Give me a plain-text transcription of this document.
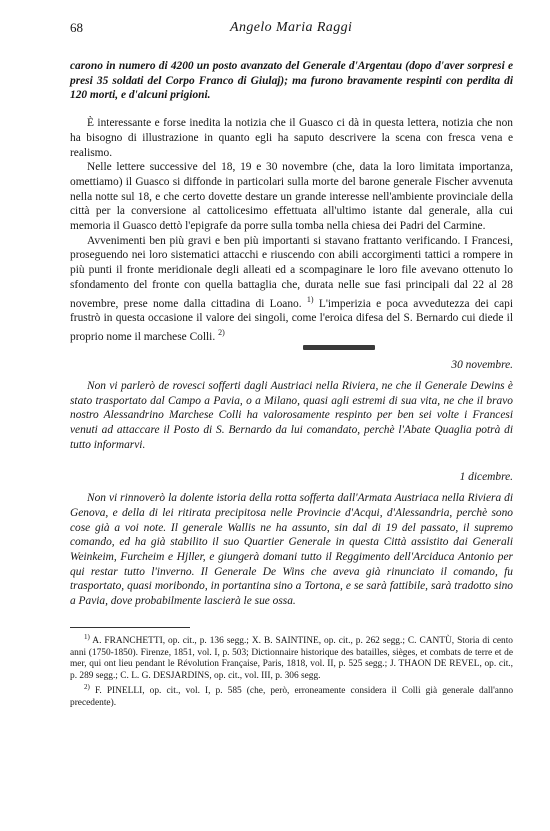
68	Angelo Maria Raggi

carono in numero di 4200 un posto avanzato del Generale d'Argentau (dopo d'aver sorpresi e presi 35 soldati del Corpo Franco di Giulaj); ma furono bravamente respinti con perdita di 120 morti, e d'alcuni prigioni.

È interessante e forse inedita la notizia che il Guasco ci dà in questa lettera, notizia che non ha bisogno di illustrazione in quanto egli ha saputo descrivere la scena con fresca vena e realismo.

Nelle lettere successive del 18, 19 e 30 novembre (che, data la loro limitata importanza, omettiamo) il Guasco si diffonde in particolari sulla morte del barone generale Fischer avvenuta nella notte sul 18, e che certo dovette destare un grande interesse nell'ambiente provinciale della città per la conversione al cattolicesimo effettuata all'ultimo istante dal generale, alla cui memoria il Guasco dettò l'epigrafe da porre sulla tomba nella chiesa dei Padri del Carmine.

Avvenimenti ben più gravi e ben più importanti si stavano frattanto verificando. I Francesi, proseguendo nei loro sistematici attacchi e riuscendo con abili accorgimenti tattici a rompere in più punti il fronte meridionale degli alleati ed a scompaginare le loro file avevano ottenuto lo sfondamento del fronte con quella battaglia che, durata nelle sue fasi principali dal 22 al 28 novembre, prese nome dalla cittadina di Loano. $^{1)}$ L'imperizia e poca avvedutezza dei capi frustrò in questa occasione il valore dei singoli, come l'eroica difesa del S. Bernardo cui diede il proprio nome il marchese Colli. $^{2)}$

30 novembre.

Non vi parlerò de rovesci sofferti dagli Austriaci nella Riviera, ne che il Generale Dewins è stato trasportato dal Campo a Pavia, o a Milano, quasi agli estremi di sua vita, ne che il bravo nostro Alessandrino Marchese Colli ha valorosamente respinto per ben sei volte i Francesi venuti ad attaccare il Posto di S. Bernardo da lui comandato, perchè l'Abate Quaglia potrà di tutto informarvi.

1 dicembre.

Non vi rinnoverò la dolente istoria della rotta sofferta dall'Armata Austriaca nella Riviera di Genova, e della di lei ritirata precipitosa nelle Provincie d'Acqui, d'Alessandria, perchè sono cose già a voi note. Il generale Wallis ne ha assunto, sin dal di 19 del passato, il supremo comando, ed ha già stabilito il suo Quartier Generale in questa Città assistito dai Generali Weinkeim, Furcheim e Hjller, e giungerà domani tutto il Reggimento dell'Arciduca Antonio per qui restar tutto l'inverno. Il Generale De Wins che aveva già rinunciato il comando, fu trasportato, quasi moribondo, in portantina sino a Tortona, e se sarà fattibile, sarà tradotto sino a Pavia, dove probabilmente lascierà le sue ossa.

$^{1)}$ A. FRANCHETTI, op. cit., p. 136 segg.; X. B. SAINTINE, op. cit., p. 262 segg.; C. CANTÙ, Storia di cento anni (1750-1850). Firenze, 1851, vol. I, p. 503; Dictionnaire historique des batailles, sièges, et combats de terre et de mer, qui ont lieu pendant le Révolution Française, Paris, 1818, vol. II, p. 525 segg.; J. THAON DE REVEL, op. cit., p. 289 segg.; C. L. G. DESJARDINS, op. cit., vol. III, p. 306 segg.

$^{2)}$ F. PINELLI, op. cit., vol. I, p. 585 (che, però, erroneamente considera il Colli già generale dall'anno precedente).
